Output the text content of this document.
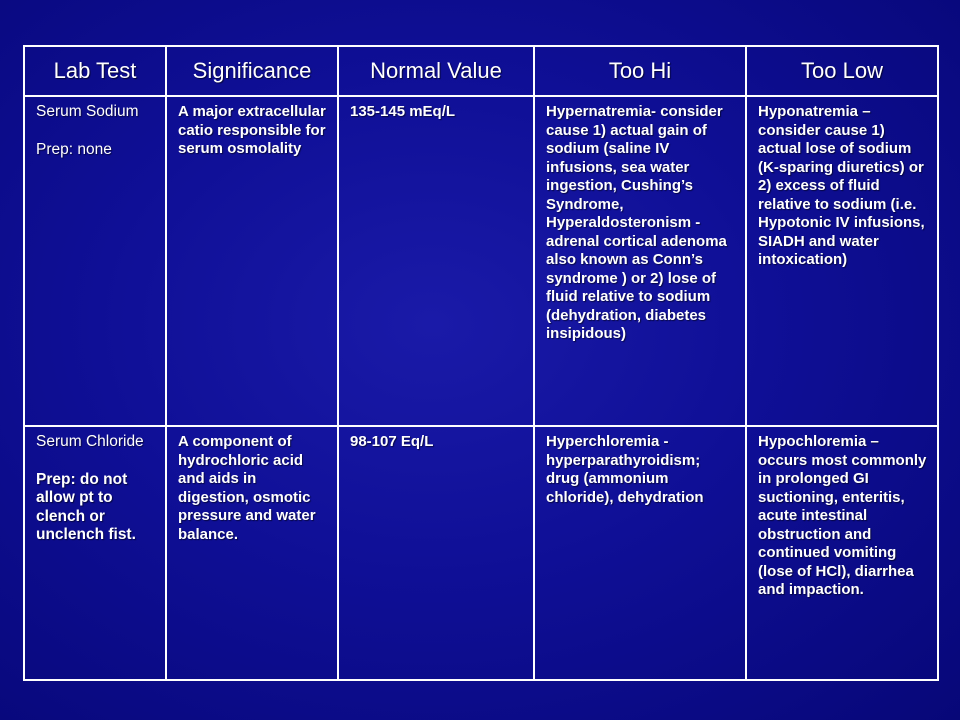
Lab Test	Significance	Normal Value	Too Hi	Too Low

Serum Sodium
Prep: none	A major extracellular catio responsible for serum osmolality	135-145 mEq/L	Hypernatremia- consider cause 1) actual gain of sodium (saline IV infusions, sea water ingestion, Cushing’s Syndrome, Hyperaldosteronism - adrenal cortical adenoma also known as Conn’s syndrome ) or 2) lose of fluid relative to sodium (dehydration, diabetes insipidous)	Hyponatremia – consider cause 1) actual lose of sodium (K-sparing diuretics) or 2) excess of fluid relative to sodium (i.e. Hypotonic IV infusions, SIADH and water intoxication)

Serum Chloride
Prep: do not allow pt to clench or unclench fist.	A component of hydrochloric acid and aids in digestion, osmotic pressure and water balance.	98-107 Eq/L	Hyperchloremia - hyperparathyroidism; drug (ammonium chloride), dehydration	Hypochloremia – occurs most commonly in prolonged GI suctioning, enteritis, acute intestinal obstruction and continued vomiting (lose of HCl), diarrhea and impaction.
